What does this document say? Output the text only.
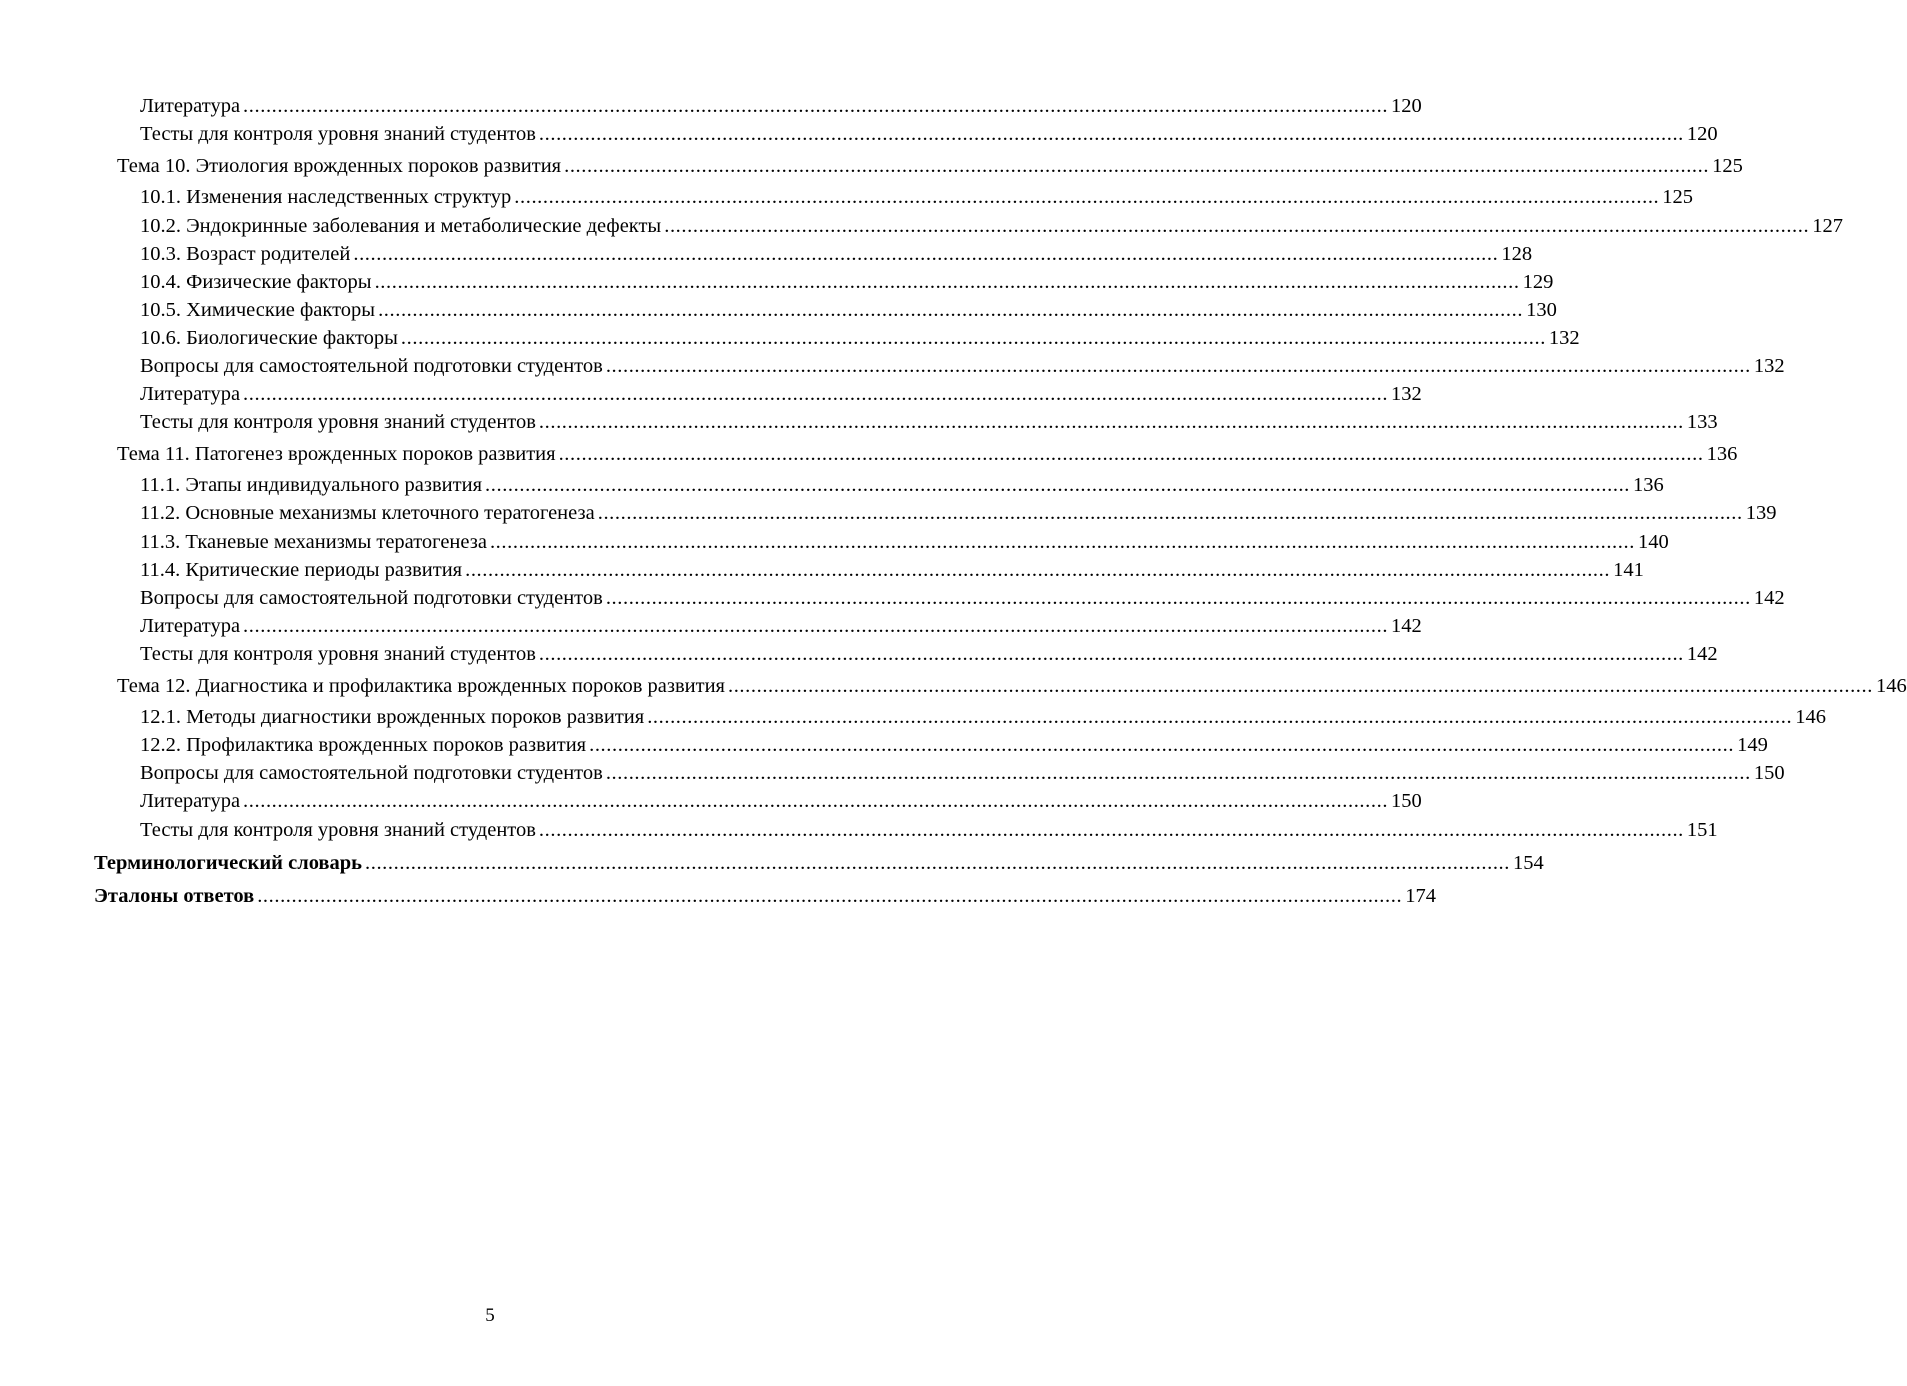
Литература ........................................................................................................................................................................................................ 120
Тесты для контроля уровня знаний студентов ........................................................................................................................................................................................................ 120
Тема 10. Этиология врожденных пороков развития ........................................................................................................................................................................................................ 125
10.1. Изменения наследственных структур ........................................................................................................................................................................................................ 125
10.2. Эндокринные заболевания и метаболические дефекты ........................................................................................................................................................................................................ 127
10.3. Возраст родителей ........................................................................................................................................................................................................ 128
10.4. Физические факторы ........................................................................................................................................................................................................ 129
10.5. Химические факторы ........................................................................................................................................................................................................ 130
10.6. Биологические факторы ........................................................................................................................................................................................................ 132
Вопросы для самостоятельной подготовки студентов ........................................................................................................................................................................................................ 132
Литература ........................................................................................................................................................................................................ 132
Тесты для контроля уровня знаний студентов ........................................................................................................................................................................................................ 133
Тема 11. Патогенез врожденных пороков развития ........................................................................................................................................................................................................ 136
11.1. Этапы индивидуального развития ........................................................................................................................................................................................................ 136
11.2. Основные механизмы клеточного тератогенеза ........................................................................................................................................................................................................ 139
11.3. Тканевые механизмы тератогенеза ........................................................................................................................................................................................................ 140
11.4. Критические периоды развития ........................................................................................................................................................................................................ 141
Вопросы для самостоятельной подготовки студентов ........................................................................................................................................................................................................ 142
Литература ........................................................................................................................................................................................................ 142
Тесты для контроля уровня знаний студентов ........................................................................................................................................................................................................ 142
Тема 12. Диагностика и профилактика врожденных пороков развития ........................................................................................................................................................................................................ 146
12.1. Методы диагностики врожденных пороков развития ........................................................................................................................................................................................................ 146
12.2. Профилактика врожденных пороков развития ........................................................................................................................................................................................................ 149
Вопросы для самостоятельной подготовки студентов ........................................................................................................................................................................................................ 150
Литература ........................................................................................................................................................................................................ 150
Тесты для контроля уровня знаний студентов ........................................................................................................................................................................................................ 151
Терминологический словарь ........................................................................................................................................................................................................ 154
Эталоны ответов ........................................................................................................................................................................................................ 174
5
